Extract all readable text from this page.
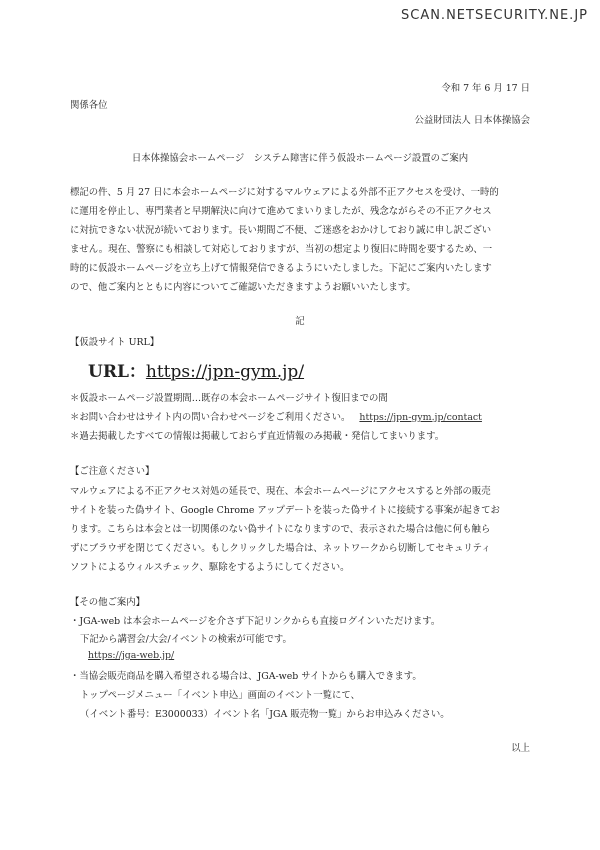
SCAN.NETSECURITY.NE.JP
令和 7 年 6 月 17 日
関係各位
公益財団法人 日本体操協会
日本体操協会ホームページ　システム障害に伴う仮設ホームページ設置のご案内
標記の件、5 月 27 日に本会ホームページに対するマルウェアによる外部不正アクセスを受け、一時的
に運用を停止し、専門業者と早期解決に向けて進めてまいりましたが、残念ながらその不正アクセス
に対抗できない状況が続いております。長い期間ご不便、ご迷惑をおかけしており誠に申し訳ござい
ません。現在、警察にも相談して対応しておりますが、当初の想定より復旧に時間を要するため、一
時的に仮設ホームページを立ち上げて情報発信できるようにいたしました。下記にご案内いたします
ので、他ご案内とともに内容についてご確認いただきますようお願いいたします。
記
【仮設サイト URL】
URL：https://jpn-gym.jp/
＊仮設ホームページ設置期間…既存の本会ホームページサイト復旧までの間
＊お問い合わせはサイト内の問い合わせページをご利用ください。 https://jpn-gym.jp/contact
＊過去掲載したすべての情報は掲載しておらず直近情報のみ掲載・発信してまいります。
【ご注意ください】
マルウェアによる不正アクセス対処の延長で、現在、本会ホームページにアクセスすると外部の販売
サイトを装った偽サイト、Google Chrome アップデートを装った偽サイトに接続する事案が起きてお
ります。こちらは本会とは一切関係のない偽サイトになりますので、表示された場合は他に何も触ら
ずにブラウザを閉じてください。もしクリックした場合は、ネットワークから切断してセキュリティ
ソフトによるウィルスチェック、駆除をするようにしてください。
【その他ご案内】
・JGA-web は本会ホームページを介さず下記リンクからも直接ログインいただけます。
下記から講習会/大会/イベントの検索が可能です。
https://jga-web.jp/
・当協会販売商品を購入希望される場合は、JGA-web サイトからも購入できます。
トップページメニュー「イベント申込」画面のイベント一覧にて、
（イベント番号：E3000033）イベント名「JGA 販売物一覧」からお申込みください。
以上
